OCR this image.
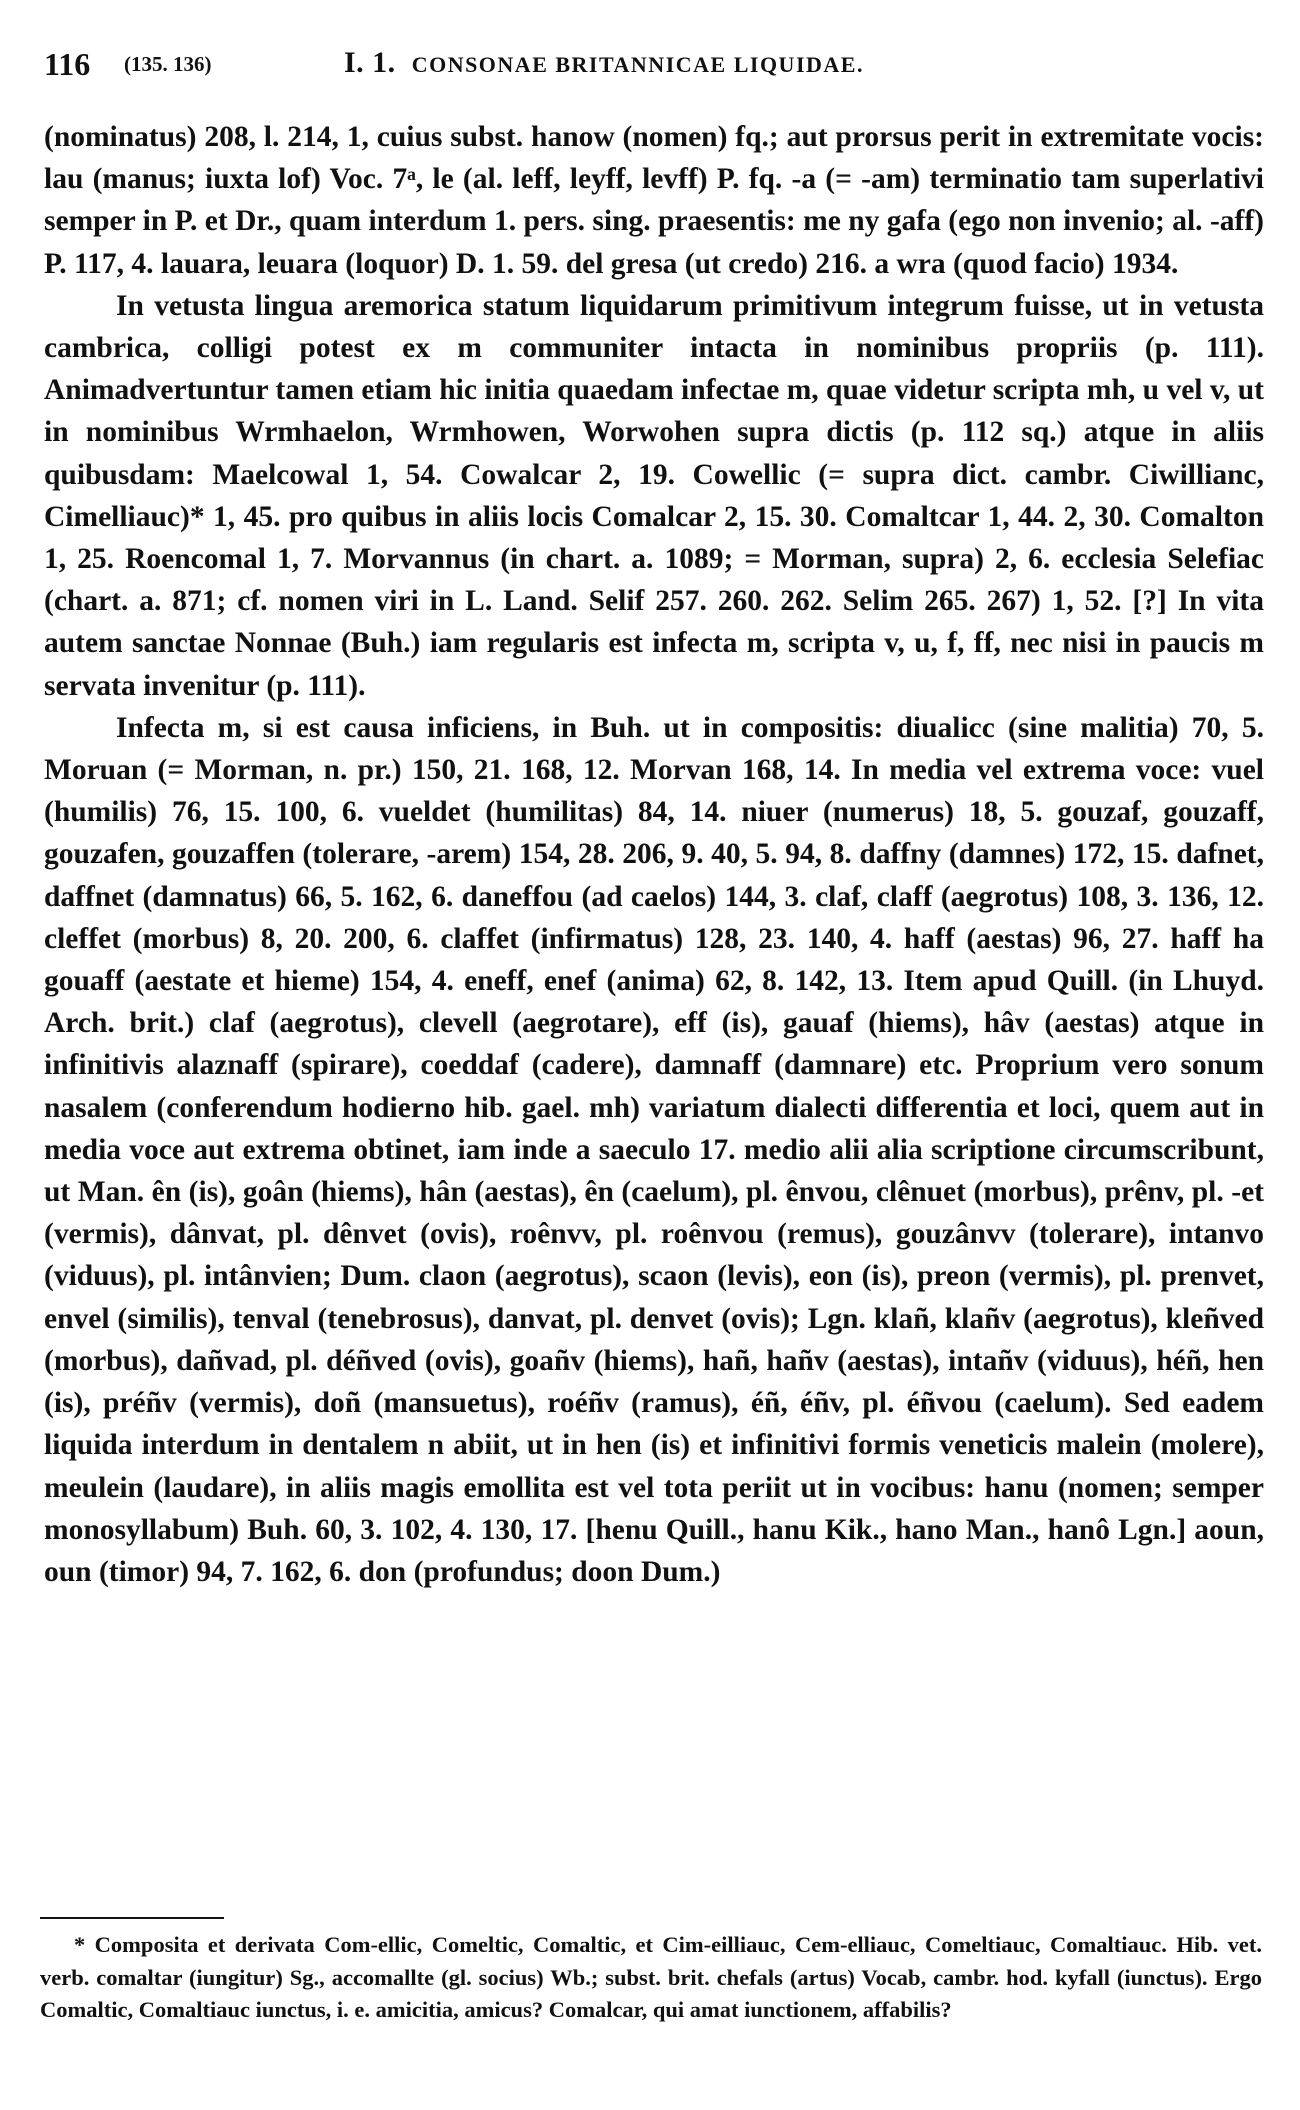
116 (135. 136)	I. 1. CONSONAE BRITANNICAE LIQUIDAE.

(nominatus) 208, l. 214, 1, cuius subst. hanow (nomen) fq.; aut prorsus perit in extremitate vocis: lau (manus; iuxta lof) Voc. 7ᵃ, le (al. leff, leyff, levff) P. fq. -a (= -am) terminatio tam superlativi semper in P. et Dr., quam interdum 1. pers. sing. praesentis: me ny gafa (ego non invenio; al. -aff) P. 117, 4. lauara, leuara (loquor) D. 1. 59. del gresa (ut credo) 216. a wra (quod facio) 1934.

In vetusta lingua aremorica statum liquidarum primitivum integrum fuisse, ut in vetusta cambrica, colligi potest ex m communiter intacta in nominibus propriis (p. 111). Animadvertuntur tamen etiam hic initia quaedam infectae m, quae videtur scripta mh, u vel v, ut in nominibus Wrmhaelon, Wrmhowen, Worwohen supra dictis (p. 112 sq.) atque in aliis quibusdam: Maelcowal 1, 54. Cowalcar 2, 19. Cowellic (= supra dict. cambr. Ciwillianc, Cimelliauc)* 1, 45. pro quibus in aliis locis Comalcar 2, 15. 30. Comaltcar 1, 44. 2, 30. Comalton 1, 25. Roencomal 1, 7. Morvannus (in chart. a. 1089; = Morman, supra) 2, 6. ecclesia Selefiac (chart. a. 871; cf. nomen viri in L. Land. Selif 257. 260. 262. Selim 265. 267) 1, 52. [?] In vita autem sanctae Nonnae (Buh.) iam regularis est infecta m, scripta v, u, f, ff, nec nisi in paucis m servata invenitur (p. 111).

Infecta m, si est causa inficiens, in Buh. ut in compositis: diualicc (sine malitia) 70, 5. Moruan (= Morman, n. pr.) 150, 21. 168, 12. Morvan 168, 14. In media vel extrema voce: vuel (humilis) 76, 15. 100, 6. vueldet (humilitas) 84, 14. niuer (numerus) 18, 5. gouzaf, gouzaff, gouzafen, gouzaffen (tolerare, -arem) 154, 28. 206, 9. 40, 5. 94, 8. daffny (damnes) 172, 15. dafnet, daffnet (damnatus) 66, 5. 162, 6. daneffou (ad caelos) 144, 3. claf, claff (aegrotus) 108, 3. 136, 12. cleffet (morbus) 8, 20. 200, 6. claffet (infirmatus) 128, 23. 140, 4. haff (aestas) 96, 27. haff ha gouaff (aestate et hieme) 154, 4. eneff, enef (anima) 62, 8. 142, 13. Item apud Quill. (in Lhuyd. Arch. brit.) claf (aegrotus), clevell (aegrotare), eff (is), gauaf (hiems), hâv (aestas) atque in infinitivis alaznaff (spirare), coeddaf (cadere), damnaff (damnare) etc. Proprium vero sonum nasalem (conferendum hodierno hib. gael. mh) variatum dialecti differentia et loci, quem aut in media voce aut extrema obtinet, iam inde a saeculo 17. medio alii alia scriptione circumscribunt, ut Man. ên (is), goân (hiems), hân (aestas), ên (caelum), pl. ênvou, clênuet (morbus), prênv, pl. -et (vermis), dânvat, pl. dênvet (ovis), roênvv, pl. roênvou (remus), gouzânvv (tolerare), intanvo (viduus), pl. intânvien; Dum. claon (aegrotus), scaon (levis), eon (is), preon (vermis), pl. prenvet, envel (similis), tenval (tenebrosus), danvat, pl. denvet (ovis); Lgn. klañ, klañv (aegrotus), kleñved (morbus), dañvad, pl. déñved (ovis), goañv (hiems), hañ, hañv (aestas), intañv (viduus), héñ, hen (is), préñv (vermis), doñ (mansuetus), roéñv (ramus), éñ, éñv, pl. éñvou (caelum). Sed eadem liquida interdum in dentalem n abiit, ut in hen (is) et infinitivi formis veneticis malein (molere), meulein (laudare), in aliis magis emollita est vel tota periit ut in vocibus: hanu (nomen; semper monosyllabum) Buh. 60, 3. 102, 4. 130, 17. [henu Quill., hanu Kik., hano Man., hanô Lgn.] aoun, oun (timor) 94, 7. 162, 6. don (profundus; doon Dum.)

* Composita et derivata Com-ellic, Comeltic, Comaltic, et Cim-eilliauc, Cem-elliauc, Comeltiauc, Comaltiauc. Hib. vet. verb. comaltar (iungitur) Sg., accomallte (gl. socius) Wb.; subst. brit. chefals (artus) Vocab, cambr. hod. kyfall (iunctus). Ergo Comaltic, Comaltiauc iunctus, i. e. amicitia, amicus? Comalcar, qui amat iunctionem, affabilis?
